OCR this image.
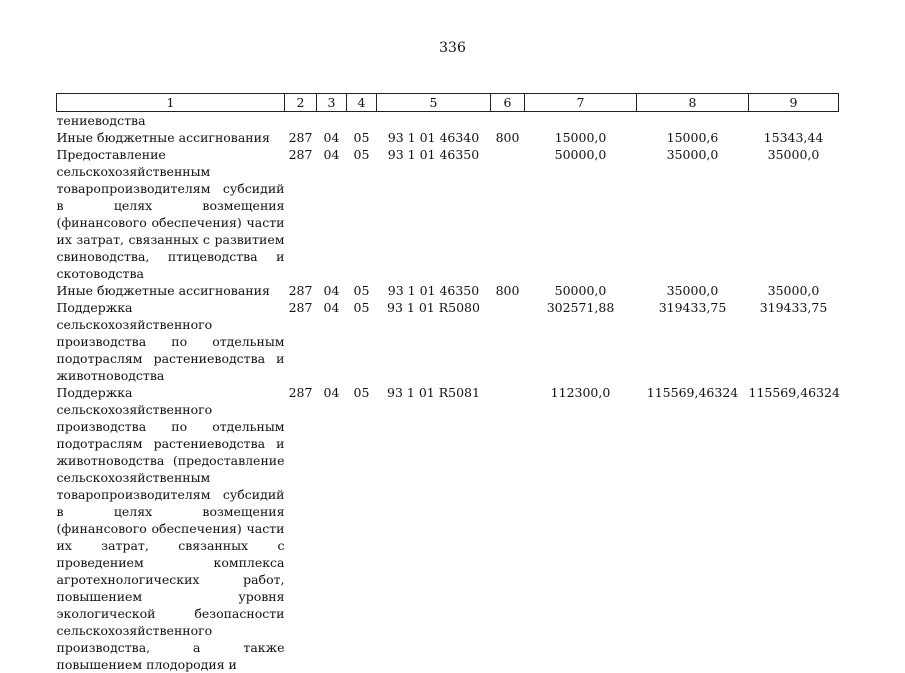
336
1	2	3	4	5	6	7	8	9
тениеводства								
Иные бюджетные ассигнования	287	04	05	93 1 01 46340	800	15000,0	15000,6	15343,44
Предоставление сельскохозяйственным товаропроизводителям субсидий в целях возмещения (финансового обеспечения) части их затрат, связанных с развитием свиноводства, птицеводства и скотоводства	287	04	05	93 1 01 46350		50000,0	35000,0	35000,0
Иные бюджетные ассигнования	287	04	05	93 1 01 46350	800	50000,0	35000,0	35000,0
Поддержка сельскохозяйственного производства по отдельным подотраслям растениеводства и животноводства	287	04	05	93 1 01 R5080		302571,88	319433,75	319433,75
Поддержка сельскохозяйственного производства по отдельным подотраслям растениеводства и животноводства (предоставление сельскохозяйственным товаропроизводителям субсидий в целях возмещения (финансового обеспечения) части их затрат, связанных с проведением комплекса агротехнологических работ, повышением уровня экологической безопасности сельскохозяйственного производства, а также повышением плодородия и	287	04	05	93 1 01 R5081		112300,0	115569,46324	115569,46324
